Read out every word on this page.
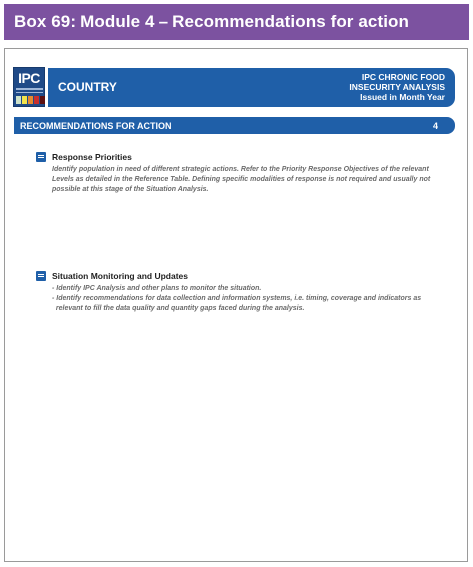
Box 69: Module 4 – Recommendations for action
IPC
COUNTRY
IPC CHRONIC FOOD
INSECURITY ANALYSIS
Issued in Month Year
RECOMMENDATIONS FOR ACTION	4
Response Priorities
Identify population in need of different strategic actions. Refer to the Priority Response Objectives of the relevant
Levels as detailed in the Reference Table. Defining specific modalities of response is not required and usually not
possible at this stage of the Situation Analysis.
Situation Monitoring and Updates
- Identify IPC Analysis and other plans to monitor the situation.
- Identify recommendations for data collection and information systems, i.e. timing, coverage and indicators as
relevant to fill the data quality and quantity gaps faced during the analysis.
